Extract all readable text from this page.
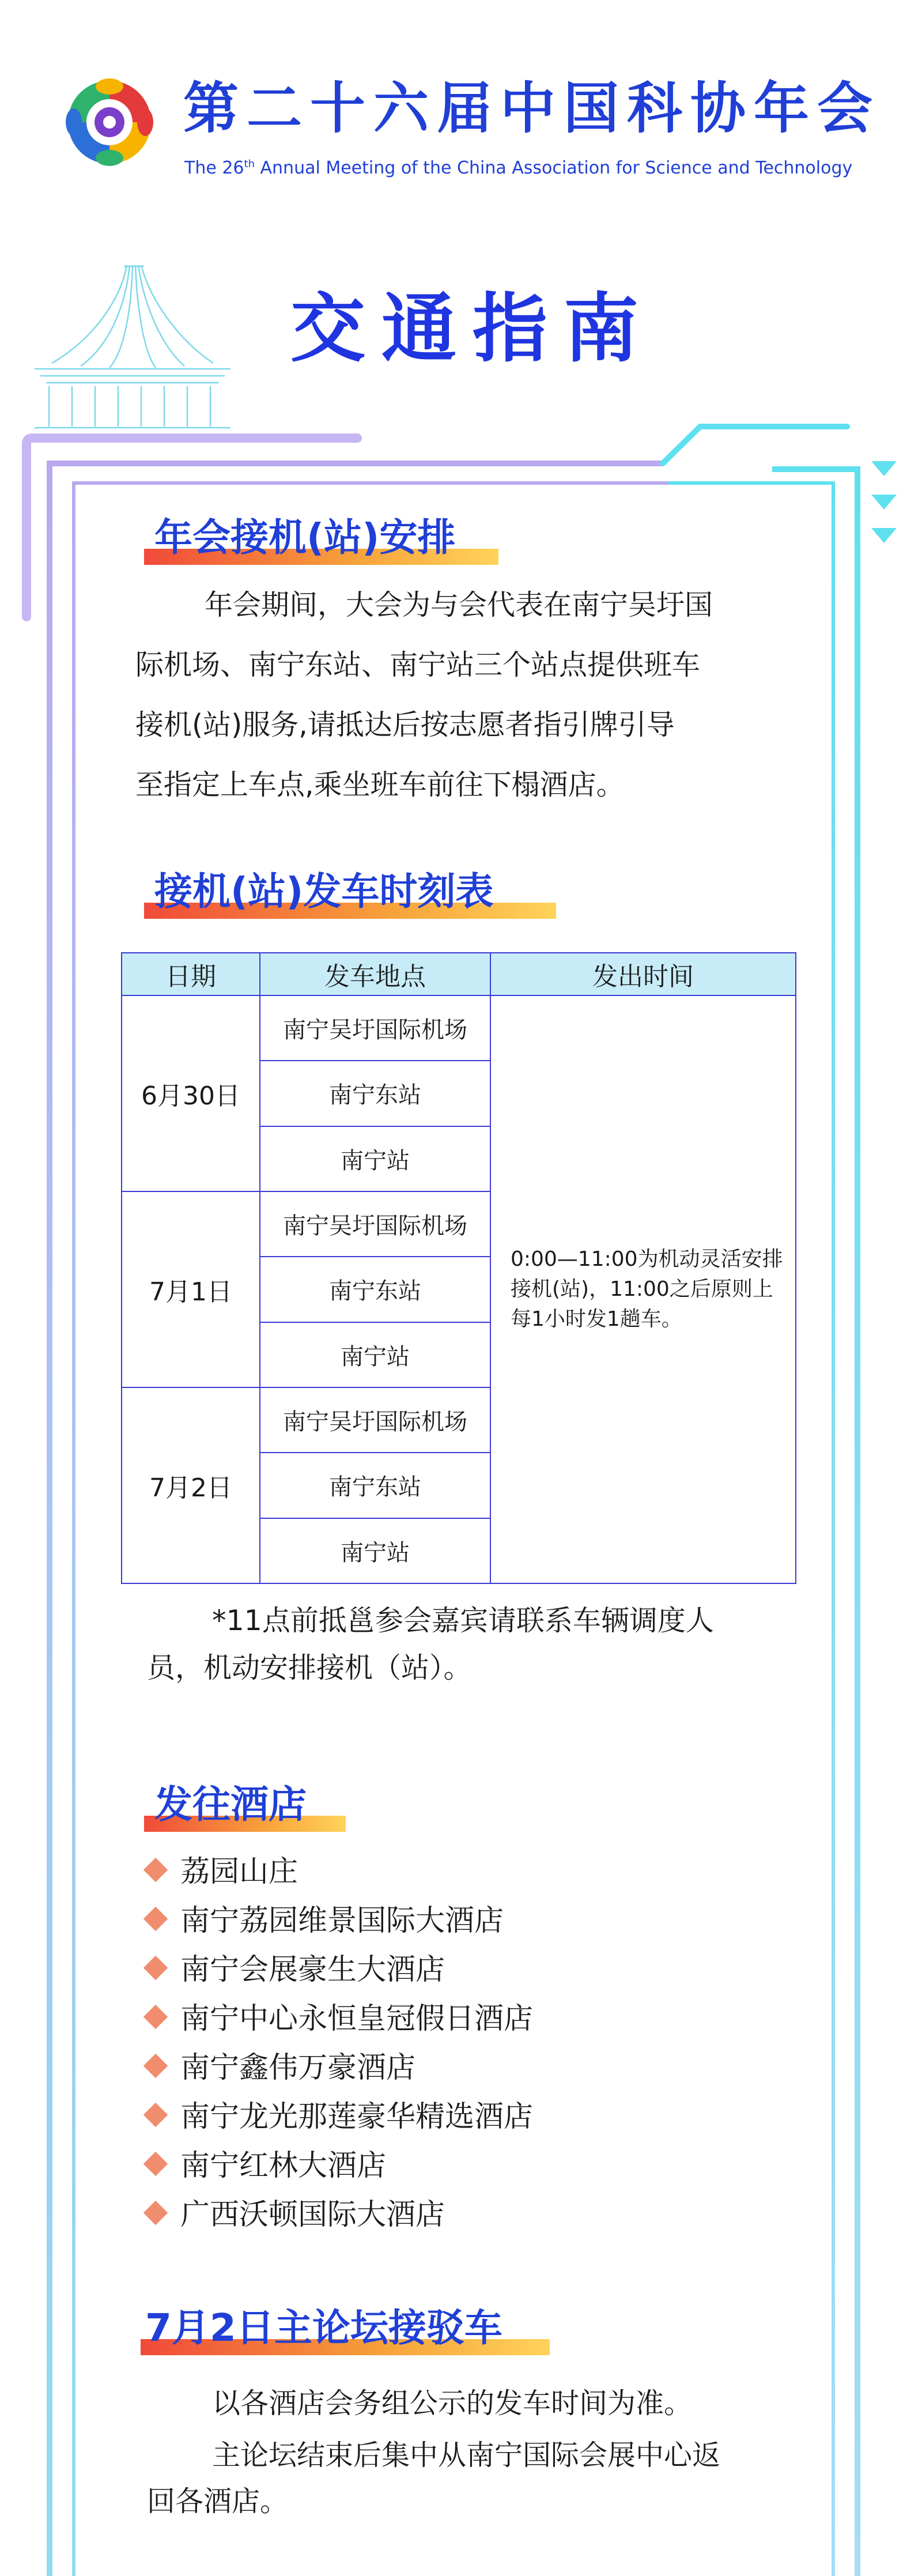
第二十六届中国科协年会
The 26th Annual Meeting of the China Association for Science and Technology
交通指南
年会接机(站)安排
年会期间，大会为与会代表在南宁吴圩国
际机场、南宁东站、南宁站三个站点提供班车
接机(站)服务,请抵达后按志愿者指引牌引导
至指定上车点,乘坐班车前往下榻酒店。
接机(站)发车时刻表
日期	发车地点	发出时间
6月30日	南宁吴圩国际机场	0:00—11:00为机动灵活安排接机(站)，11:00之后原则上每1小时发1趟车。
	南宁东站	
	南宁站	
7月1日	南宁吴圩国际机场	
	南宁东站	
	南宁站	
7月2日	南宁吴圩国际机场	
	南宁东站	
	南宁站	
*11点前抵邕参会嘉宾请联系车辆调度人
员，机动安排接机（站）。
发往酒店
荔园山庄
南宁荔园维景国际大酒店
南宁会展豪生大酒店
南宁中心永恒皇冠假日酒店
南宁鑫伟万豪酒店
南宁龙光那莲豪华精选酒店
南宁红林大酒店
广西沃顿国际大酒店
7月2日主论坛接驳车
以各酒店会务组公示的发车时间为准。
主论坛结束后集中从南宁国际会展中心返
回各酒店。
